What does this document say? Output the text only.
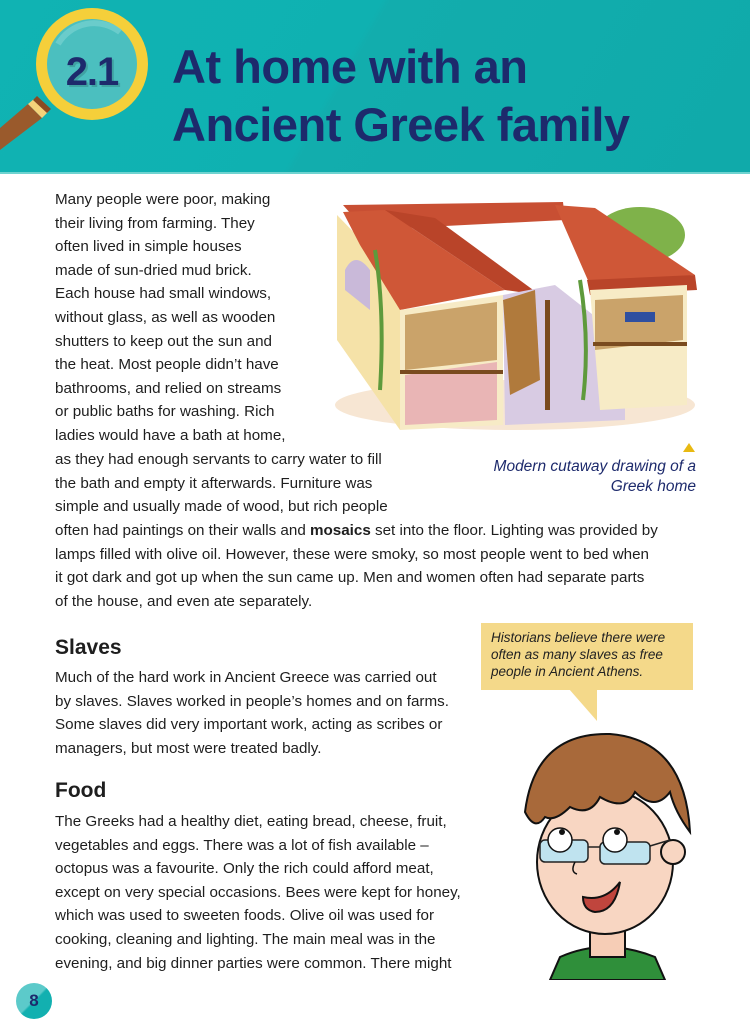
2.1 At home with an
Ancient Greek family
Many people were poor, making
their living from farming. They
often lived in simple houses
made of sun-dried mud brick.
Each house had small windows,
without glass, as well as wooden
shutters to keep out the sun and
the heat. Most people didn’t have
bathrooms, and relied on streams
or public baths for washing. Rich
ladies would have a bath at home,
as they had enough servants to carry water to fill
the bath and empty it afterwards. Furniture was
simple and usually made of wood, but rich people
often had paintings on their walls and mosaics set into the floor. Lighting was provided by
lamps filled with olive oil. However, these were smoky, so most people went to bed when
it got dark and got up when the sun came up. Men and women often had separate parts
of the house, and even ate separately.
Modern cutaway drawing of a
Greek home
Slaves
Much of the hard work in Ancient Greece was carried out
by slaves. Slaves worked in people’s homes and on farms.
Some slaves did very important work, acting as scribes or
managers, but most were treated badly.
Historians believe there were
often as many slaves as free
people in Ancient Athens.
8
Food
The Greeks had a healthy diet, eating bread, cheese, fruit,
vegetables and eggs. There was a lot of fish available –
octopus was a favourite. Only the rich could afford meat,
except on very special occasions. Bees were kept for honey,
which was used to sweeten foods. Olive oil was used for
cooking, cleaning and lighting. The main meal was in the
evening, and big dinner parties were common. There might
